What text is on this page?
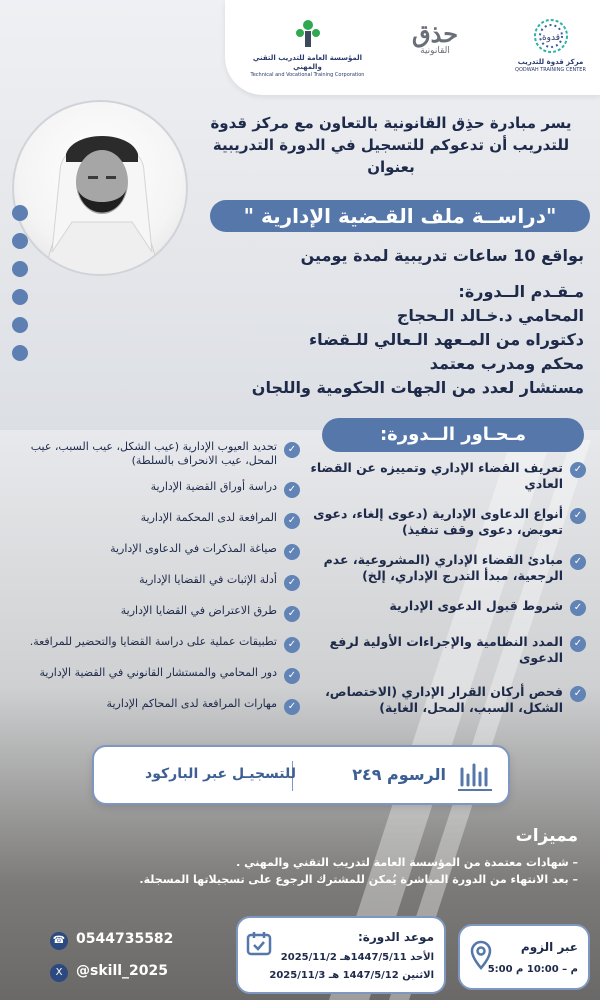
قدوة
مركز قدوة للتدريب
QODWAH TRAINING CENTER
حذق
القانونية
المؤسسة العامة للتدريب التقني والمهني
Technical and Vocational Training Corporation
يسر مبادرة حذِق القانونية بالتعاون مع مركز قدوة
للتدريب أن تدعوكم للتسجيل في الدورة التدريبية
بعنوان
"دراســة ملف القـضية الإدارية "
بواقع 10 ساعات تدريبية لمدة يومين
مـقـدم الــدورة:
المحامي د.خـالد الـحجاج
دكتوراه من المـعهد الـعالي للـقضاء
محكم ومدرب معتمد
مستشار لعدد من الجهات الحكومية واللجان
مـحـاور الــدورة:
✓
تعريف القضاء الإداري وتمييزه عن القضاء العادي
✓
أنواع الدعاوى الإدارية (دعوى إلغاء، دعوى تعويض، دعوى وقف تنفيذ)
✓
مبادئ القضاء الإداري (المشروعية، عدم الرجعية، مبدأ التدرج الإداري، إلخ)
✓
شروط قبول الدعوى الإدارية
✓
المدد النظامية والإجراءات الأولية لرفع الدعوى
✓
فحص أركان القرار الإداري (الاختصاص، الشكل، السبب، المحل، الغاية)
✓
تحديد العيوب الإدارية (عيب الشكل، عيب السبب، عيب المحل، عيب الانحراف بالسلطة)
✓
دراسة أوراق القضية الإدارية
✓
المرافعة لدى المحكمة الإدارية
✓
صياغة المذكرات في الدعاوى الإدارية
✓
أدلة الإثبات في القضايا الإدارية
✓
طرق الاعتراض في القضايا الإدارية
✓
تطبيقات عملية على دراسة القضايا والتحضير للمرافعة.
✓
دور المحامي والمستشار القانوني في القضية الإدارية
✓
مهارات المرافعة لدى المحاكم الإدارية
الرسوم ٢٤٩
للتسجيـل عبر الباركود
مميزات
– شهادات معتمدة من المؤسسة العامة لتدريب التقني والمهني .
– بعد الانتهاء من الدورة المباشرة يُمكن للمشترك الرجوع على تسجيلاتها المسجلة.
عبر الزوم
5:00 م – 10:00 م
موعد الدورة:
الأحد 1447/5/11هـ 2025/11/2
الاثنين 1447/5/12 هـ 2025/11/3
☎ 0544735582
X @skill_2025
